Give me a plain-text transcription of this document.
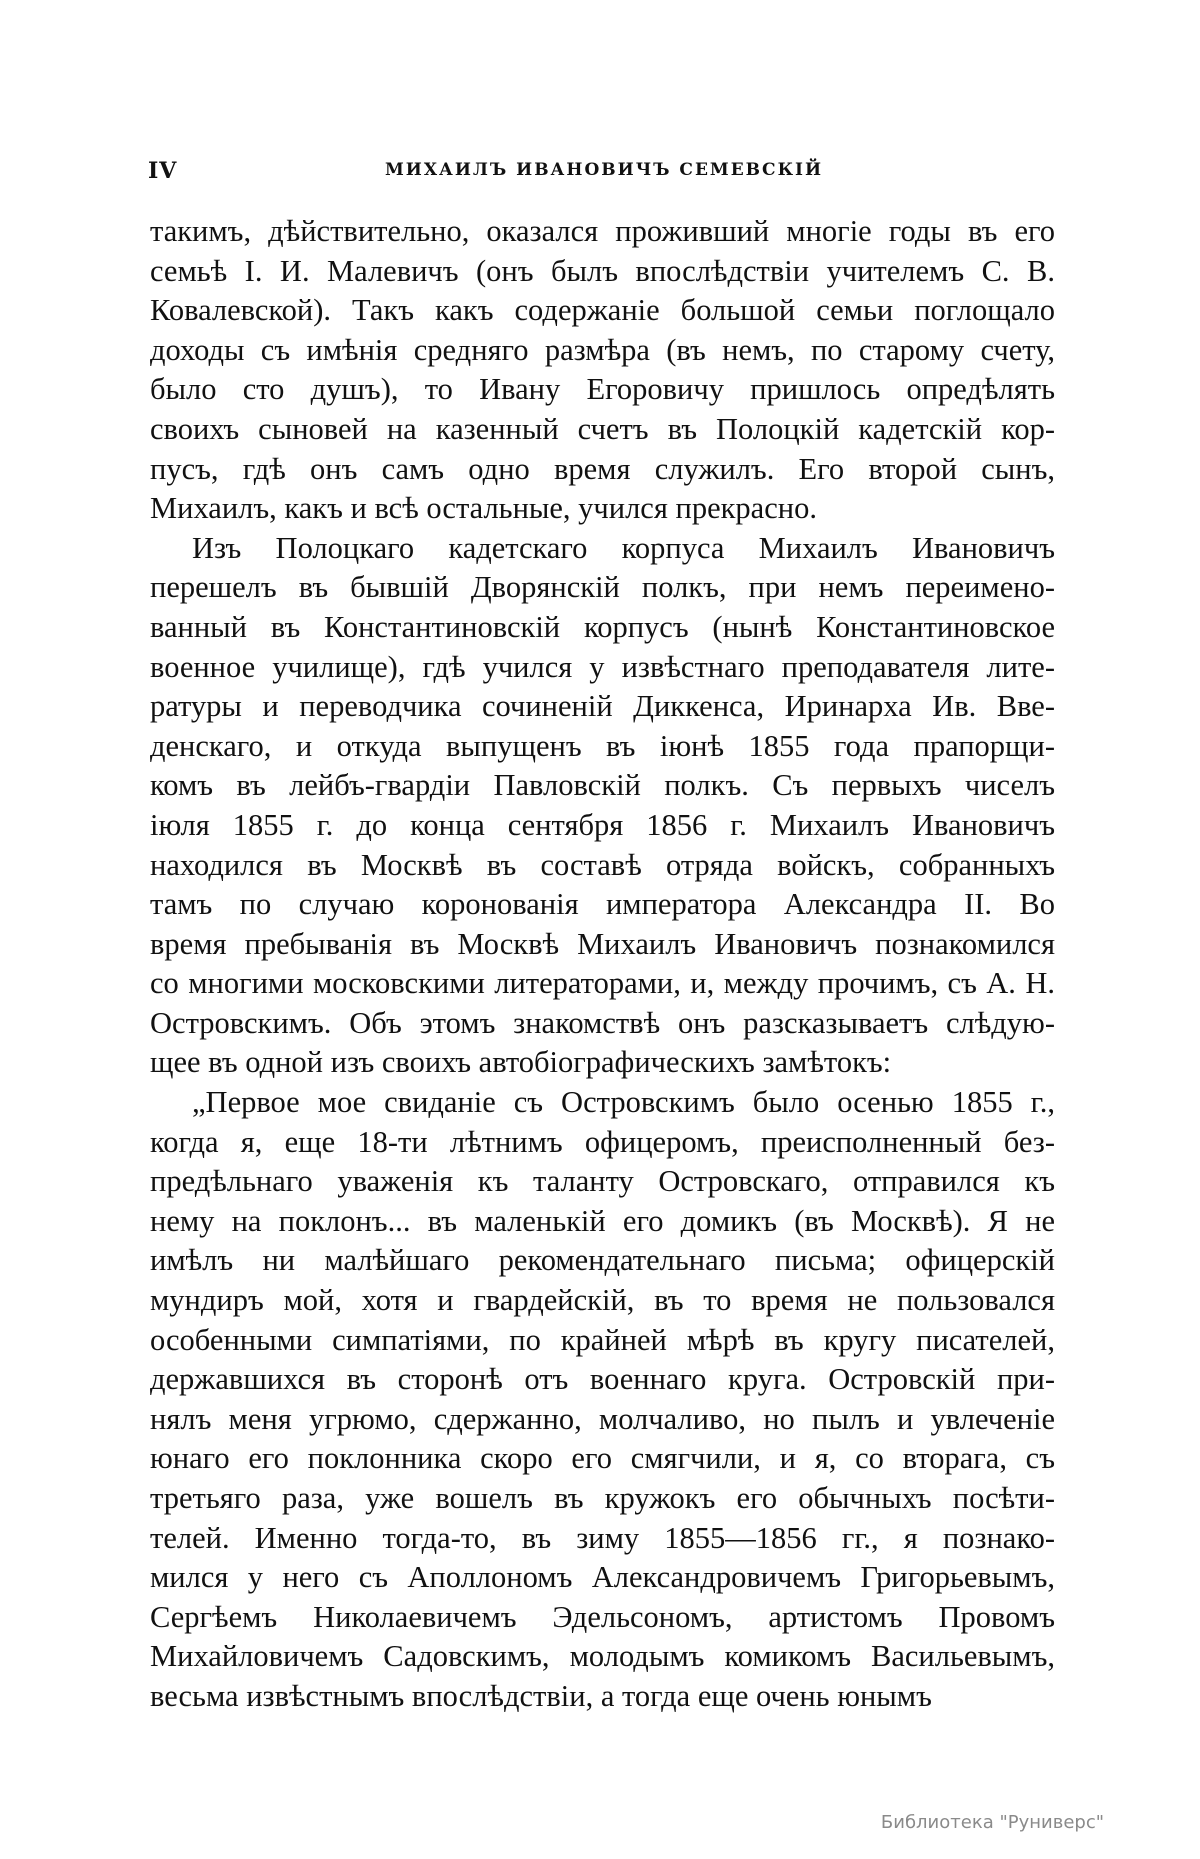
IV	МИХАИЛЪ ИВАНОВИЧЪ СЕМЕВСКІЙ
такимъ, дѣйствительно, оказался проживший многіе годы въ его
семьѣ І. И. Малевичъ (онъ былъ впослѣдствіи учителемъ С. В.
Ковалевской). Такъ какъ содержаніе большой семьи поглощало
доходы съ имѣнія средняго размѣра (въ немъ, по старому счету,
было сто душъ), то Ивану Егоровичу пришлось опредѣлять
своихъ сыновей на казенный счетъ въ Полоцкій кадетскій кор-
пусъ, гдѣ онъ самъ одно время служилъ. Его второй сынъ,
Михаилъ, какъ и всѣ остальные, учился прекрасно.
Изъ Полоцкаго кадетскаго корпуса Михаилъ Ивановичъ
перешелъ въ бывшій Дворянскій полкъ, при немъ переимено-
ванный въ Константиновскій корпусъ (нынѣ Константиновское
военное училище), гдѣ учился у извѣстнаго преподавателя лите-
ратуры и переводчика сочиненій Диккенса, Иринарха Ив. Вве-
денскаго, и откуда выпущенъ въ іюнѣ 1855 года прапорщи-
комъ въ лейбъ-гвардіи Павловскій полкъ. Съ первыхъ чиселъ
іюля 1855 г. до конца сентября 1856 г. Михаилъ Ивановичъ
находился въ Москвѣ въ составѣ отряда войскъ, собранныхъ
тамъ по случаю коронованія императора Александра II. Во
время пребыванія въ Москвѣ Михаилъ Ивановичъ познакомился
со многими московскими литераторами, и, между прочимъ, съ А. Н.
Островскимъ. Объ этомъ знакомствѣ онъ разсказываетъ слѣдую-
щее въ одной изъ своихъ автобіографическихъ замѣтокъ:
„Первое мое свиданіе съ Островскимъ было осенью 1855 г.,
когда я, еще 18-ти лѣтнимъ офицеромъ, преисполненный без-
предѣльнаго уваженія къ таланту Островскаго, отправился къ
нему на поклонъ... въ маленькій его домикъ (въ Москвѣ). Я не
имѣлъ ни малѣйшаго рекомендательнаго письма; офицерскій
мундиръ мой, хотя и гвардейскій, въ то время не пользовался
особенными симпатіями, по крайней мѣрѣ въ кругу писателей,
державшихся въ сторонѣ отъ военнаго круга. Островскій при-
нялъ меня угрюмо, сдержанно, молчаливо, но пылъ и увлеченіе
юнаго его поклонника скоро его смягчили, и я, со вторага, съ
третьяго раза, уже вошелъ въ кружокъ его обычныхъ посѣти-
телей. Именно тогда-то, въ зиму 1855—1856 гг., я познако-
мился у него съ Аполлономъ Александровичемъ Григорьевымъ,
Сергѣемъ Николаевичемъ Эдельсономъ, артистомъ Провомъ
Михайловичемъ Садовскимъ, молодымъ комикомъ Васильевымъ,
весьма извѣстнымъ впослѣдствіи, а тогда еще очень юнымъ
Библиотека "Руниверс"
